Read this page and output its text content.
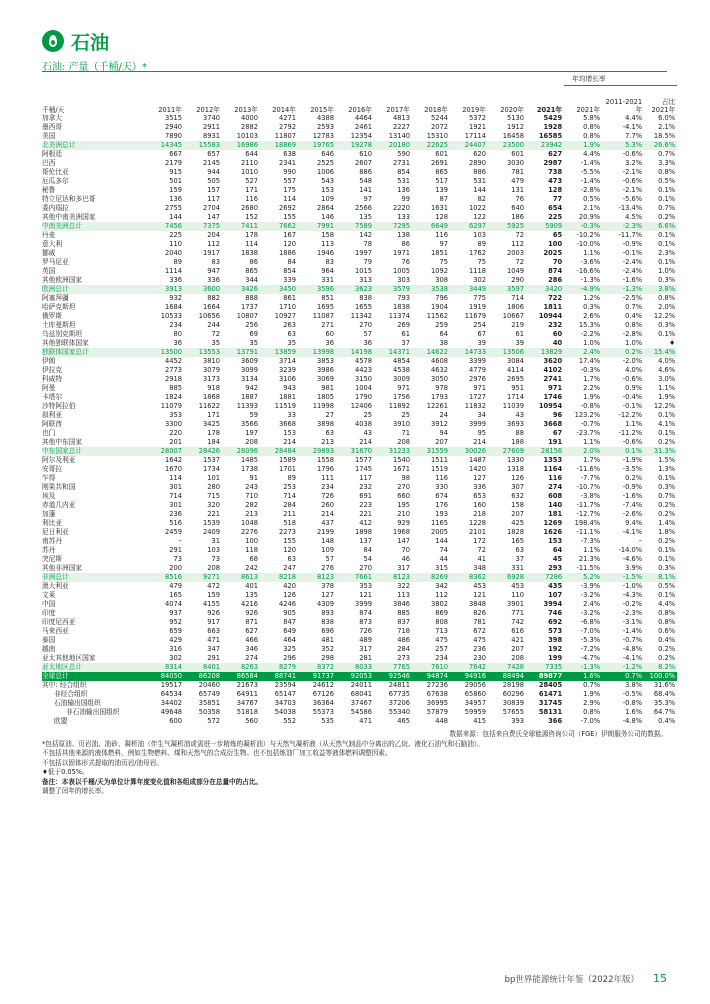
石油
石油: 产量（千桶/天）*
												年均增长率		
千桶/天	2011年	2012年	2013年	2014年	2015年	2016年	2017年	2018年	2019年	2020年	2021年	2021年	2011-2021年	占比 2021年
加拿大	3515	3740	4000	4271	4388	4464	4813	5244	5372	5130	5429	5.8%	4.4%	6.0%
墨西哥	2940	2911	2882	2792	2593	2461	2227	2072	1921	1912	1928	0.8%	-4.1%	2.1%
美国	7890	8931	10103	11807	12783	12354	13140	15310	17114	16458	16585	0.8%	7.7%	18.5%
北美洲总计	14345	15583	16986	18869	19765	19278	20180	22625	24407	23500	23942	1.9%	5.3%	26.6%
阿根廷	667	657	644	638	646	610	590	601	620	601	627	4.4%	-0.6%	0.7%
巴西	2179	2145	2110	2341	2525	2607	2731	2691	2890	3030	2987	-1.4%	3.2%	3.3%
哥伦比亚	915	944	1010	990	1006	886	854	865	886	781	738	-5.5%	-2.1%	0.8%
厄瓜多尔	501	505	527	557	543	548	531	517	531	479	473	-1.4%	-0.6%	0.5%
秘鲁	159	157	171	175	153	141	136	139	144	131	128	-2.8%	-2.1%	0.1%
特立尼达和多巴哥	136	117	116	114	109	97	99	87	82	76	77	0.5%	-5.6%	0.1%
委内瑞拉	2755	2704	2680	2692	2864	2566	2220	1631	1022	640	654	2.1%	-13.4%	0.7%
其他中南美洲国家	144	147	152	155	146	135	133	128	122	186	225	20.9%	4.5%	0.2%
中南美洲总计	7456	7375	7411	7662	7991	7589	7295	6649	6297	5925	5909	-0.3%	-2.3%	6.6%
丹麦	225	204	178	167	158	142	138	116	103	72	65	-10.2%	-11.7%	0.1%
意大利	110	112	114	120	113	78	86	97	89	112	100	-10.0%	-0.9%	0.1%
挪威	2040	1917	1838	1886	1946	1997	1971	1851	1762	2003	2025	1.1%	-0.1%	2.3%
罗马尼亚	89	83	86	84	83	79	76	75	75	72	70	-3.6%	-2.4%	0.1%
英国	1114	947	865	854	964	1015	1005	1092	1118	1049	874	-16.6%	-2.4%	1.0%
其他欧洲国家	336	336	344	339	331	313	303	308	302	290	286	-1.3%	-1.6%	0.3%
欧洲总计	3913	3600	3426	3450	3596	3623	3579	3538	3449	3597	3420	-4.9%	-1.3%	3.8%
阿塞拜疆	932	882	888	861	851	838	793	796	775	714	722	1.2%	-2.5%	0.8%
哈萨克斯坦	1684	1664	1737	1710	1695	1655	1838	1904	1919	1806	1811	0.3%	0.7%	2.0%
俄罗斯	10533	10656	10807	10927	11087	11342	11374	11562	11679	10667	10944	2.6%	0.4%	12.2%
土库曼斯坦	234	244	256	263	271	270	269	259	254	219	232	15.3%	0.8%	0.3%
乌兹别克斯坦	80	72	69	63	60	57	61	64	67	61	60	-2.2%	-2.8%	0.1%
其他独联体国家	36	35	35	35	36	36	37	38	39	39	40	1.0%	1.0%	♦
独联体国家总计	13500	13553	13791	13859	13998	14198	14371	14622	14733	13506	13829	2.4%	0.2%	15.4%
伊朗	4452	3810	3609	3714	3853	4578	4854	4608	3399	3084	3620	17.4%	-2.0%	4.0%
伊拉克	2773	3079	3099	3239	3986	4423	4538	4632	4779	4114	4102	-0.3%	4.0%	4.6%
科威特	2918	3173	3134	3106	3069	3150	3009	3050	2976	2695	2741	1.7%	-0.6%	3.0%
阿曼	885	918	942	943	981	1004	971	978	971	951	971	2.2%	0.9%	1.1%
卡塔尔	1824	1868	1887	1881	1805	1790	1756	1793	1727	1714	1746	1.9%	-0.4%	1.9%
沙特阿拉伯	11079	11622	11393	11519	11998	12406	11892	12261	11832	11039	10954	-0.8%	-0.1%	12.2%
叙利亚	353	171	59	33	27	25	25	24	34	43	96	123.2%	-12.2%	0.1%
阿联酋	3300	3425	3566	3668	3898	4038	3910	3912	3999	3693	3668	-0.7%	1.1%	4.1%
也门	220	178	197	153	63	43	71	94	95	88	67	-23.7%	-11.2%	0.1%
其他中东国家	201	184	208	214	213	214	208	207	214	188	191	1.1%	-0.6%	0.2%
中东国家总计	28007	28426	28096	28484	29893	31670	31233	31559	30026	27609	28156	2.0%	0.1%	31.3%
阿尔及利亚	1642	1537	1485	1589	1558	1577	1540	1511	1487	1330	1353	1.7%	-1.9%	1.5%
安哥拉	1670	1734	1738	1701	1796	1745	1671	1519	1420	1318	1164	-11.6%	-3.5%	1.3%
乍得	114	101	91	89	111	117	98	116	127	126	116	-7.7%	0.2%	0.1%
刚果共和国	301	280	243	253	234	232	270	330	336	307	274	-10.7%	-0.9%	0.3%
埃及	714	715	710	714	726	691	660	674	653	632	608	-3.8%	-1.6%	0.7%
赤道几内亚	301	320	282	284	260	223	195	176	160	158	140	-11.7%	-7.4%	0.2%
加蓬	236	221	213	211	214	221	210	193	218	207	181	-12.7%	-2.6%	0.2%
利比亚	516	1539	1048	518	437	412	929	1165	1228	425	1269	198.4%	9.4%	1.4%
尼日利亚	2459	2409	2276	2273	2199	1898	1968	2005	2101	1828	1626	-11.1%	-4.1%	1.8%
南苏丹	–	31	100	155	148	137	147	144	172	165	153	-7.3%	–	0.2%
苏丹	291	103	118	120	109	84	70	74	72	63	64	1.1%	-14.0%	0.1%
突尼斯	73	73	68	63	57	54	46	44	41	37	45	21.3%	-4.6%	0.1%
其他非洲国家	200	208	242	247	276	270	317	315	348	331	293	-11.5%	3.9%	0.3%
非洲总计	8516	9271	8613	8218	8123	7661	8123	8269	8362	6928	7286	5.2%	-1.5%	8.1%
澳大利亚	479	472	401	420	378	353	322	342	453	453	435	-3.9%	-1.0%	0.5%
文莱	165	159	135	126	127	121	113	112	121	110	107	-3.2%	-4.3%	0.1%
中国	4074	4155	4216	4246	4309	3999	3846	3802	3848	3901	3994	2.4%	-0.2%	4.4%
印度	937	926	926	905	893	874	885	869	826	771	746	-3.2%	-2.3%	0.8%
印度尼西亚	952	917	871	847	838	873	837	808	781	742	692	-6.8%	-3.1%	0.8%
马来西亚	659	663	627	649	696	726	718	713	672	616	573	-7.0%	-1.4%	0.6%
泰国	429	471	466	464	481	489	486	475	475	421	398	-5.3%	-0.7%	0.4%
越南	316	347	346	325	352	317	284	257	236	207	192	-7.2%	-4.8%	0.2%
亚太其他地区国家	302	291	274	296	298	281	273	234	230	208	199	-4.7%	-4.1%	0.2%
亚太地区总计	8314	8401	8263	8279	8372	8033	7765	7610	7642	7428	7335	-1.3%	-1.2%	8.2%
全球总计	84050	86208	86584	88741	91737	92053	92546	94874	94916	88494	89877	1.6%	0.7%	100.0%
其中: 经合组织	19517	20460	21673	23594	24612	24011	24811	27236	29056	28198	28405	0.7%	3.8%	31.6%
非经合组织	64534	65749	64911	65147	67126	68041	67735	67638	65860	60296	61471	1.9%	-0.5%	68.4%
石油输出国组织	34402	35851	34767	34703	36364	37467	37206	36995	34957	30839	31745	2.9%	-0.8%	35.3%
非石油输出国组织	49648	50358	51818	54038	55373	54586	55340	57879	59959	57655	58131	0.8%	1.6%	64.7%
欧盟	600	572	560	552	535	471	465	448	415	393	366	-7.0%	-4.8%	0.4%
数据来源：包括来自费氏全球能源咨询公司（FGE）伊朗服务公司的数据。
*包括原油、页岩油、油砂、凝析油（伴生气凝析油或需进一步精炼的凝析油）与天然气凝析液（从天然气制品中分离出的乙烷、液化石油气和石脑油）。
不包括其他来源的液体燃料，例如生物燃料、煤和天然气的合成衍生物。也不包括炼油厂加工收益等液体燃料调整因素。
不包括以固体形式提取的油页岩/油母岩。
♦低于0.05%。
备注：本表以千桶/天为单位计算年度变化值和各组成部分在总量中的占比。
调整了闰年的增长率。
bp世界能源统计年鉴（2022年版） 15
